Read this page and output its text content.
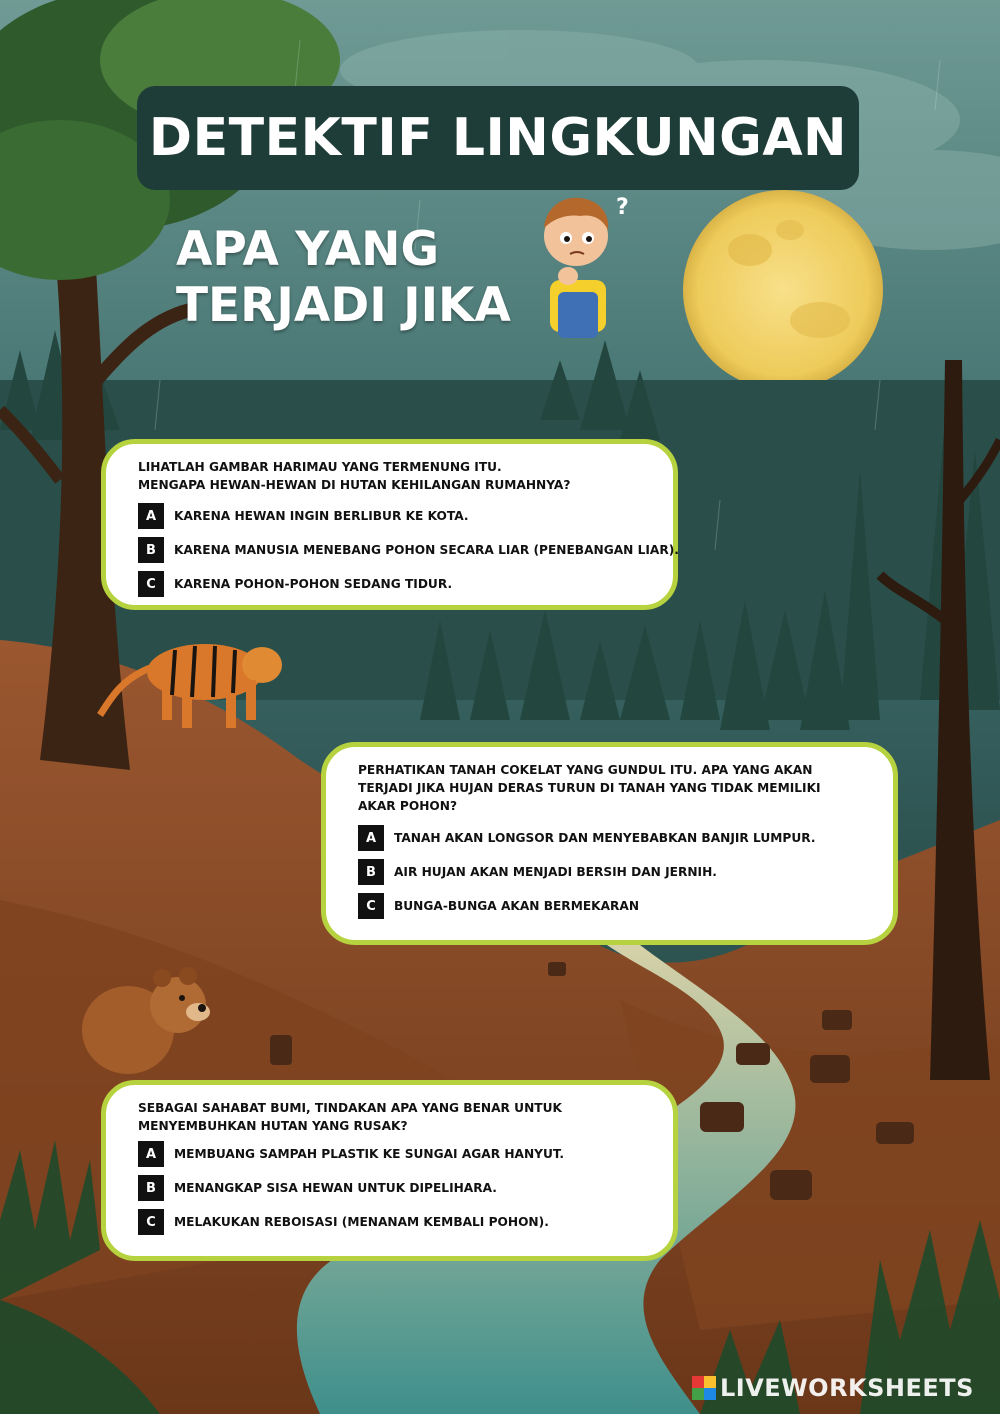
DETEKTIF LINGKUNGAN
APA YANG
TERJADI JIKA
?
LIHATLAH GAMBAR HARIMAU YANG TERMENUNG ITU.
MENGAPA HEWAN-HEWAN DI HUTAN KEHILANGAN RUMAHNYA?
A	KARENA HEWAN INGIN BERLIBUR KE KOTA.
B	KARENA MANUSIA MENEBANG POHON SECARA LIAR (PENEBANGAN LIAR).
C	KARENA POHON-POHON SEDANG TIDUR.
PERHATIKAN TANAH COKELAT YANG GUNDUL ITU. APA YANG AKAN
TERJADI JIKA HUJAN DERAS TURUN DI TANAH YANG TIDAK MEMILIKI
AKAR POHON?
A	TANAH AKAN LONGSOR DAN MENYEBABKAN BANJIR LUMPUR.
B	AIR HUJAN AKAN MENJADI BERSIH DAN JERNIH.
C	BUNGA-BUNGA AKAN BERMEKARAN
SEBAGAI SAHABAT BUMI, TINDAKAN APA YANG BENAR UNTUK
MENYEMBUHKAN HUTAN YANG RUSAK?
A	MEMBUANG SAMPAH PLASTIK KE SUNGAI AGAR HANYUT.
B	MENANGKAP SISA HEWAN UNTUK DIPELIHARA.
C	MELAKUKAN REBOISASI (MENANAM KEMBALI POHON).
LIVEWORKSHEETS
